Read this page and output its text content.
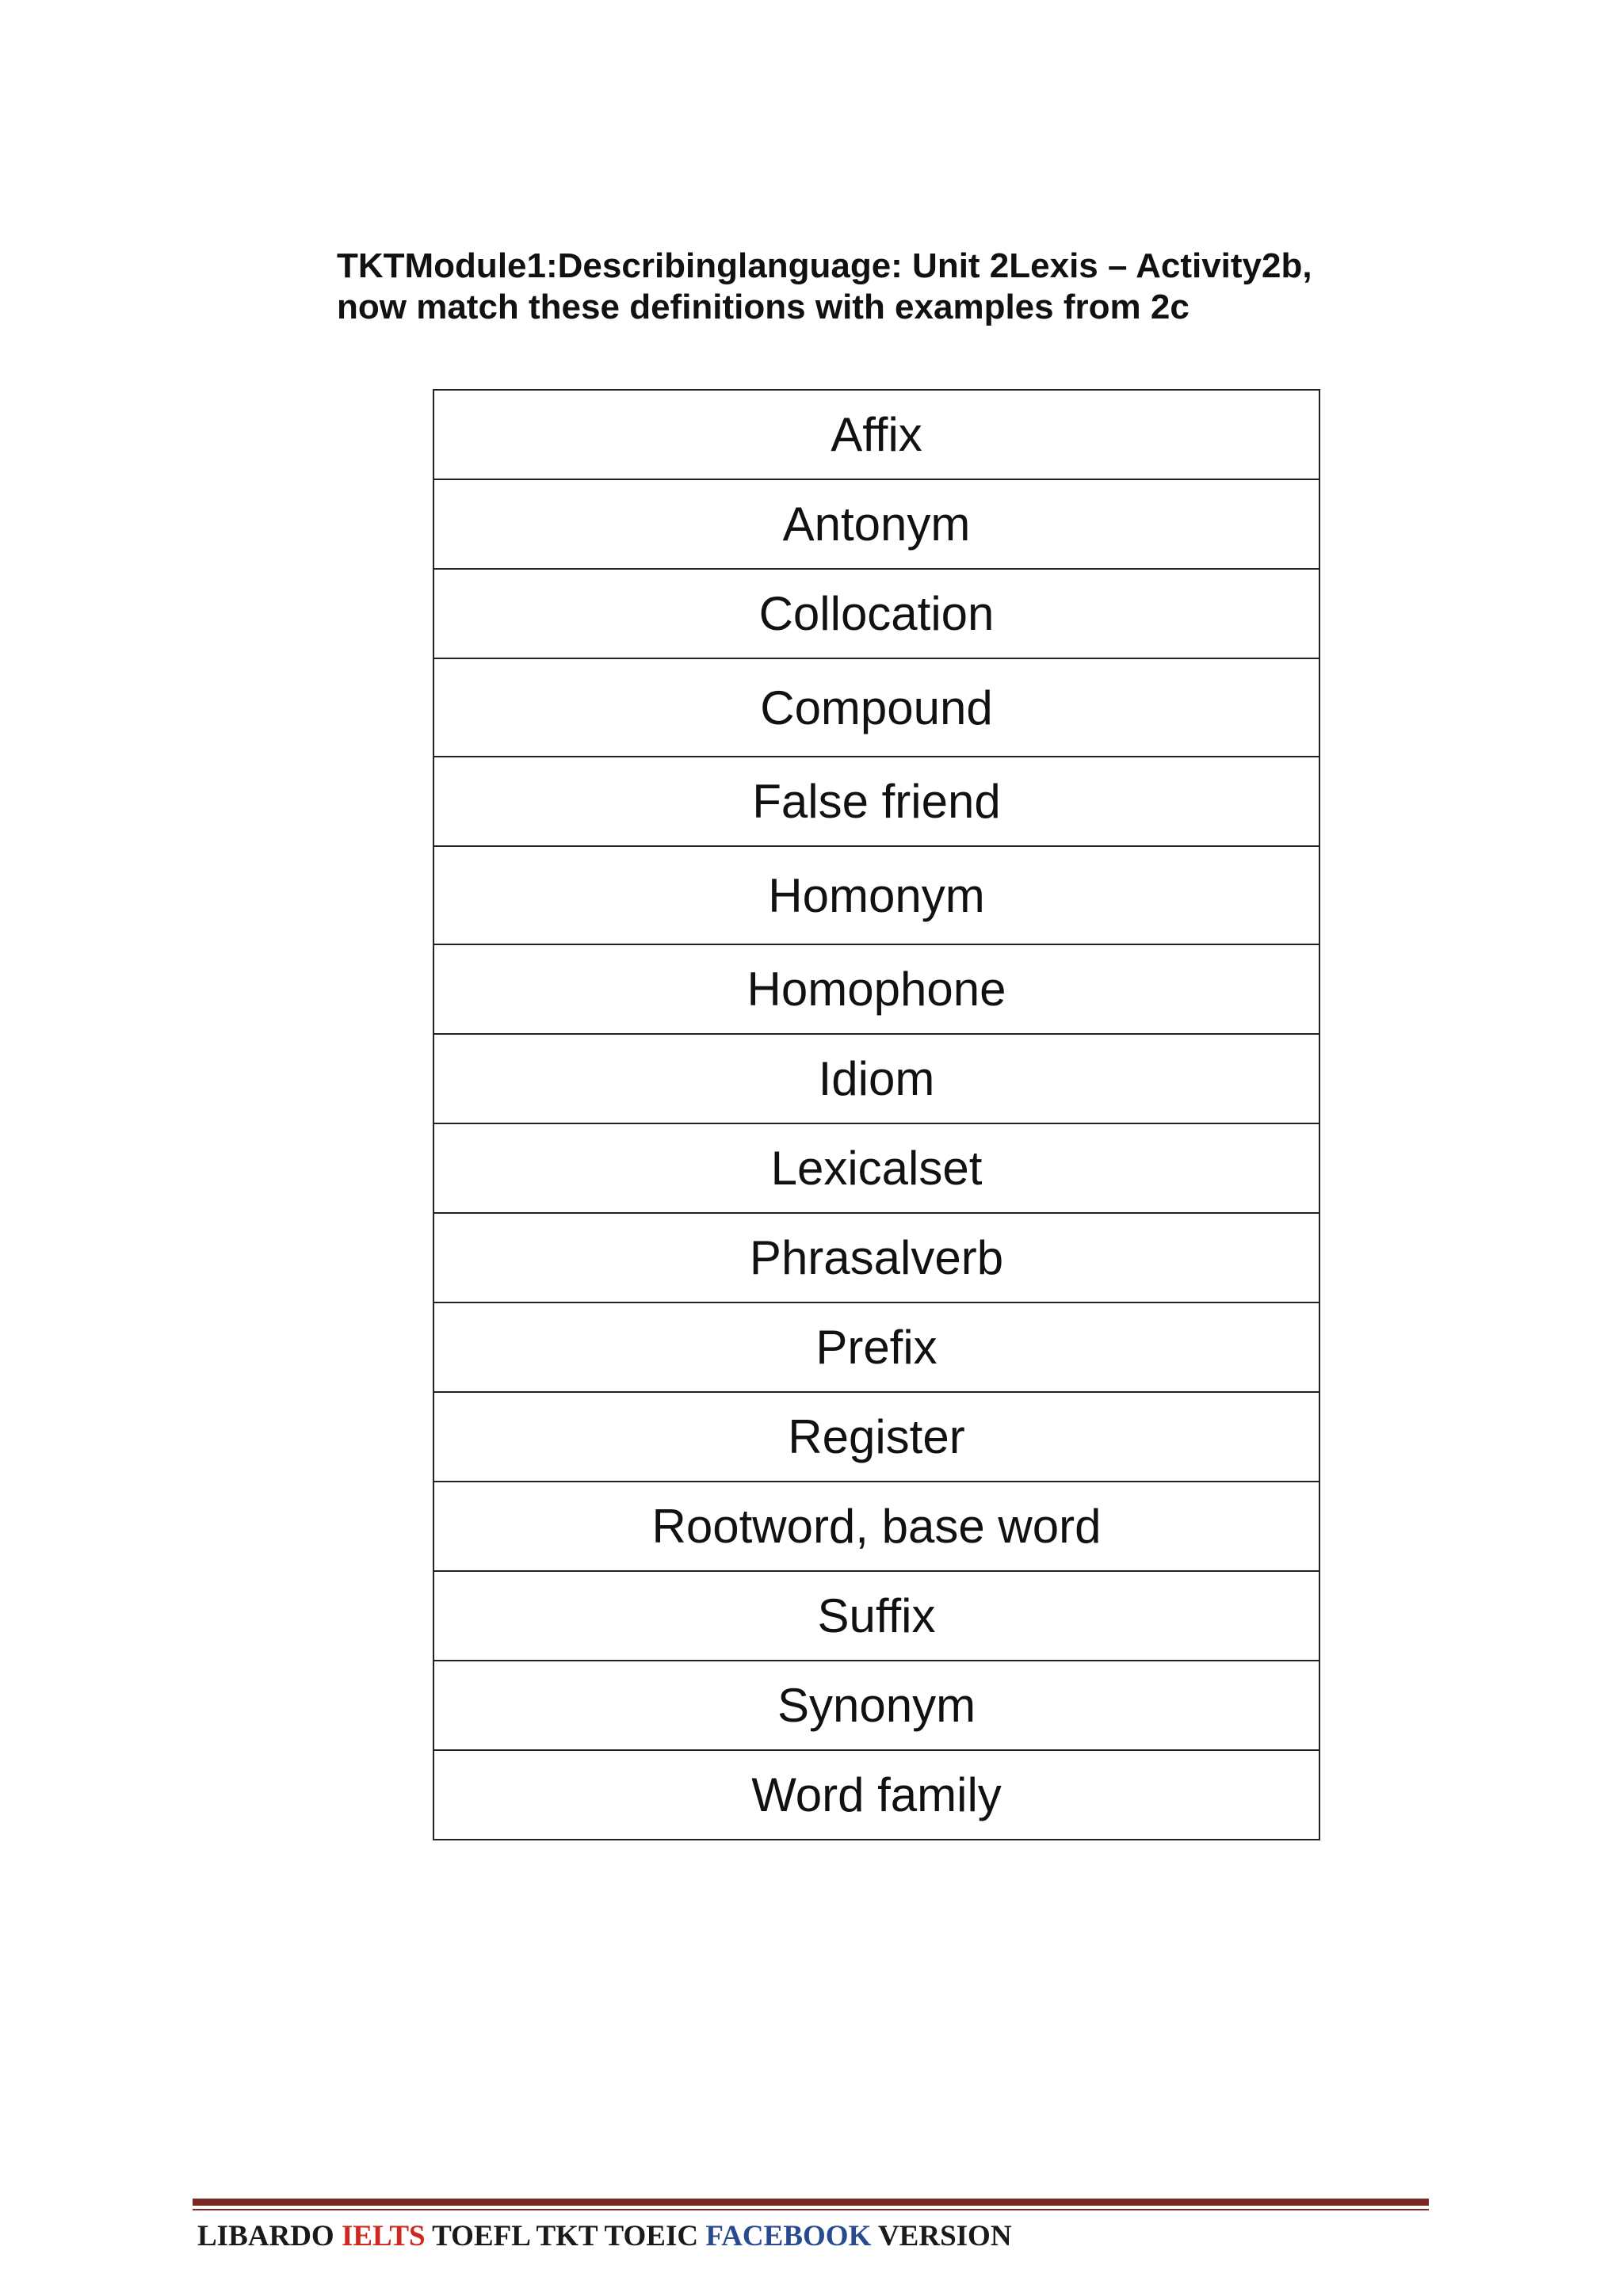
TKTModule1:Describinglanguage: Unit 2Lexis – Activity2b,
now match these definitions with examples from 2c
Affix
Antonym
Collocation
Compound
False friend
Homonym
Homophone
Idiom
Lexicalset
Phrasalverb
Prefix
Register
Rootword, base word
Suffix
Synonym
Word family
LIBARDO IELTS TOEFL TKT TOEIC FACEBOOK VERSION
